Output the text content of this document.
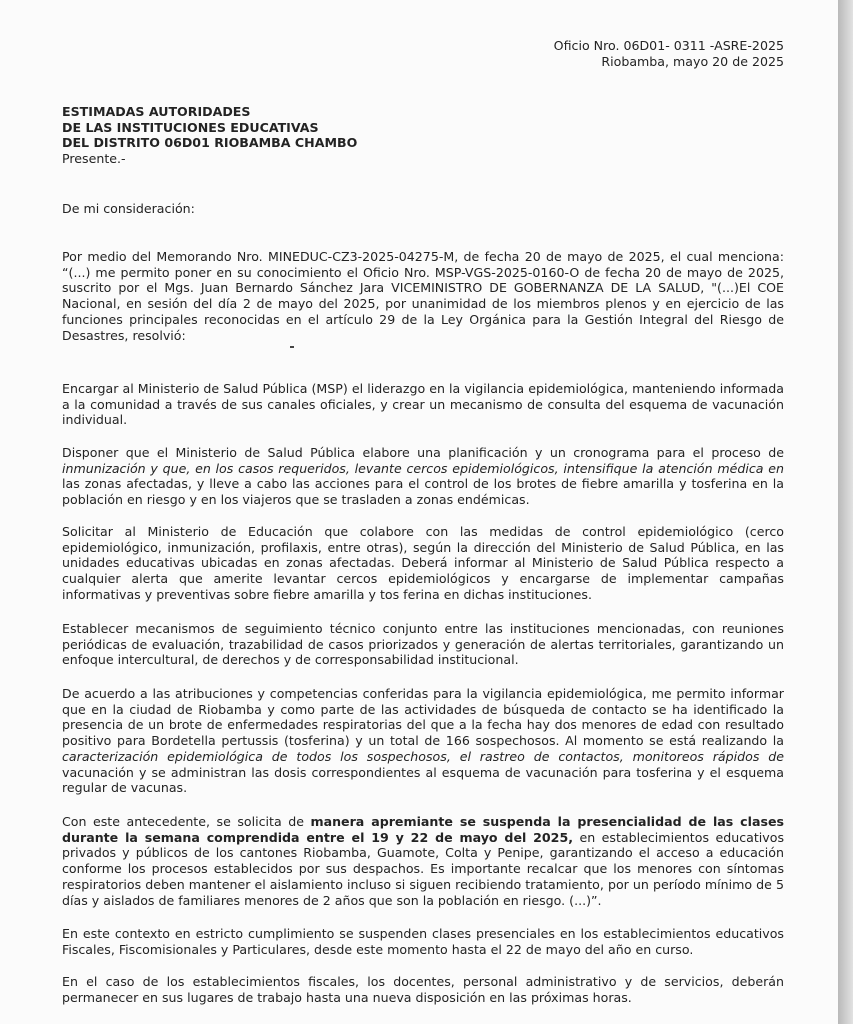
Oficio Nro. 06D01- 0311 -ASRE-2025
Riobamba, mayo 20 de 2025
ESTIMADAS AUTORIDADES
DE LAS INSTITUCIONES EDUCATIVAS
DEL DISTRITO 06D01 RIOBAMBA CHAMBO
Presente.-
De mi consideración:
Por medio del Memorando Nro. MINEDUC-CZ3-2025-04275-M, de fecha 20 de mayo de 2025, el cual menciona: “(...) me permito poner en su conocimiento el Oficio Nro. MSP-VGS-2025-0160-O de fecha 20 de mayo de 2025, suscrito por el Mgs. Juan Bernardo Sánchez Jara VICEMINISTRO DE GOBERNANZA DE LA SALUD, "(...)El COE Nacional, en sesión del día 2 de mayo del 2025, por unanimidad de los miembros plenos y en ejercicio de las funciones principales reconocidas en el artículo 29 de la Ley Orgánica para la Gestión Integral del Riesgo de Desastres, resolvió:
Encargar al Ministerio de Salud Pública (MSP) el liderazgo en la vigilancia epidemiológica, manteniendo informada a la comunidad a través de sus canales oficiales, y crear un mecanismo de consulta del esquema de vacunación individual.
Disponer que el Ministerio de Salud Pública elabore una planificación y un cronograma para el proceso de inmunización y que, en los casos requeridos, levante cercos epidemiológicos, intensifique la atención médica en las zonas afectadas, y lleve a cabo las acciones para el control de los brotes de fiebre amarilla y tosferina en la población en riesgo y en los viajeros que se trasladen a zonas endémicas.
Solicitar al Ministerio de Educación que colabore con las medidas de control epidemiológico (cerco epidemiológico, inmunización, profilaxis, entre otras), según la dirección del Ministerio de Salud Pública, en las unidades educativas ubicadas en zonas afectadas. Deberá informar al Ministerio de Salud Pública respecto a cualquier alerta que amerite levantar cercos epidemiológicos y encargarse de implementar campañas informativas y preventivas sobre fiebre amarilla y tos ferina en dichas instituciones.
Establecer mecanismos de seguimiento técnico conjunto entre las instituciones mencionadas, con reuniones periódicas de evaluación, trazabilidad de casos priorizados y generación de alertas territoriales, garantizando un enfoque intercultural, de derechos y de corresponsabilidad institucional.
De acuerdo a las atribuciones y competencias conferidas para la vigilancia epidemiológica, me permito informar que en la ciudad de Riobamba y como parte de las actividades de búsqueda de contacto se ha identificado la presencia de un brote de enfermedades respiratorias del que a la fecha hay dos menores de edad con resultado positivo para Bordetella pertussis (tosferina) y un total de 166 sospechosos. Al momento se está realizando la caracterización epidemiológica de todos los sospechosos, el rastreo de contactos, monitoreos rápidos de vacunación y se administran las dosis correspondientes al esquema de vacunación para tosferina y el esquema regular de vacunas.
Con este antecedente, se solicita de manera apremiante se suspenda la presencialidad de las clases durante la semana comprendida entre el 19 y 22 de mayo del 2025, en establecimientos educativos privados y públicos de los cantones Riobamba, Guamote, Colta y Penipe, garantizando el acceso a educación conforme los procesos establecidos por sus despachos. Es importante recalcar que los menores con síntomas respiratorios deben mantener el aislamiento incluso si siguen recibiendo tratamiento, por un período mínimo de 5 días y aislados de familiares menores de 2 años que son la población en riesgo. (...)”.
En este contexto en estricto cumplimiento se suspenden clases presenciales en los establecimientos educativos Fiscales, Fiscomisionales y Particulares, desde este momento hasta el 22 de mayo del año en curso.
En el caso de los establecimientos fiscales, los docentes, personal administrativo y de servicios, deberán permanecer en sus lugares de trabajo hasta una nueva disposición en las próximas horas.
